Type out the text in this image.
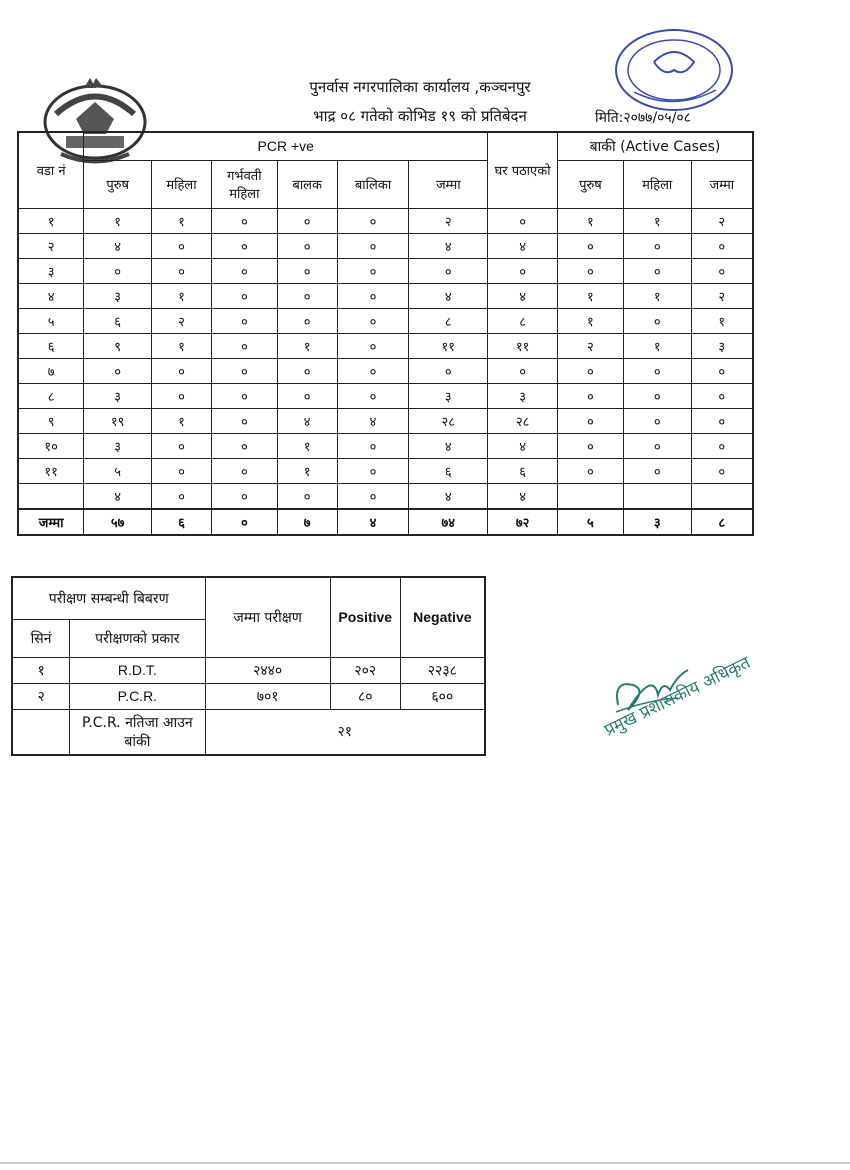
पुनर्वास नगरपालिका कार्यालय ,कञ्चनपुर
भाद्र ०८ गतेको कोभिड १९ को प्रतिबेदन	मिति:२०७७/०५/०८
वडा नं	PCR +ve						घर पठाएको	बाकी (Active Cases)		
	पुरुष	महिला	गर्भवती महिला	बालक	बालिका	जम्मा		पुरुष	महिला	जम्मा
१	१	१	०	०	०	२	०	१	१	२
२	४	०	०	०	०	४	४	०	०	०
३	०	०	०	०	०	०	०	०	०	०
४	३	१	०	०	०	४	४	१	१	२
५	६	२	०	०	०	८	८	१	०	१
६	९	१	०	१	०	११	११	२	१	३
७	०	०	०	०	०	०	०	०	०	०
८	३	०	०	०	०	३	३	०	०	०
९	१९	१	०	४	४	२८	२८	०	०	०
१०	३	०	०	१	०	४	४	०	०	०
११	५	०	०	१	०	६	६	०	०	०
	४	०	०	०	०	४	४			
जम्मा	५७	६	०	७	४	७४	७२	५	३	८
परीक्षण सम्बन्धी बिबरण		जम्मा परीक्षण	Positive	Negative
सिनं	परीक्षणको प्रकार			
१	R.D.T.	२४४०	२०२	२२३८
२	P.C.R.	७०१	८०	६००
	P.C.R. नतिजा आउन बांकी	२१			प्रमुख प्रशासकीय अधिकृत
